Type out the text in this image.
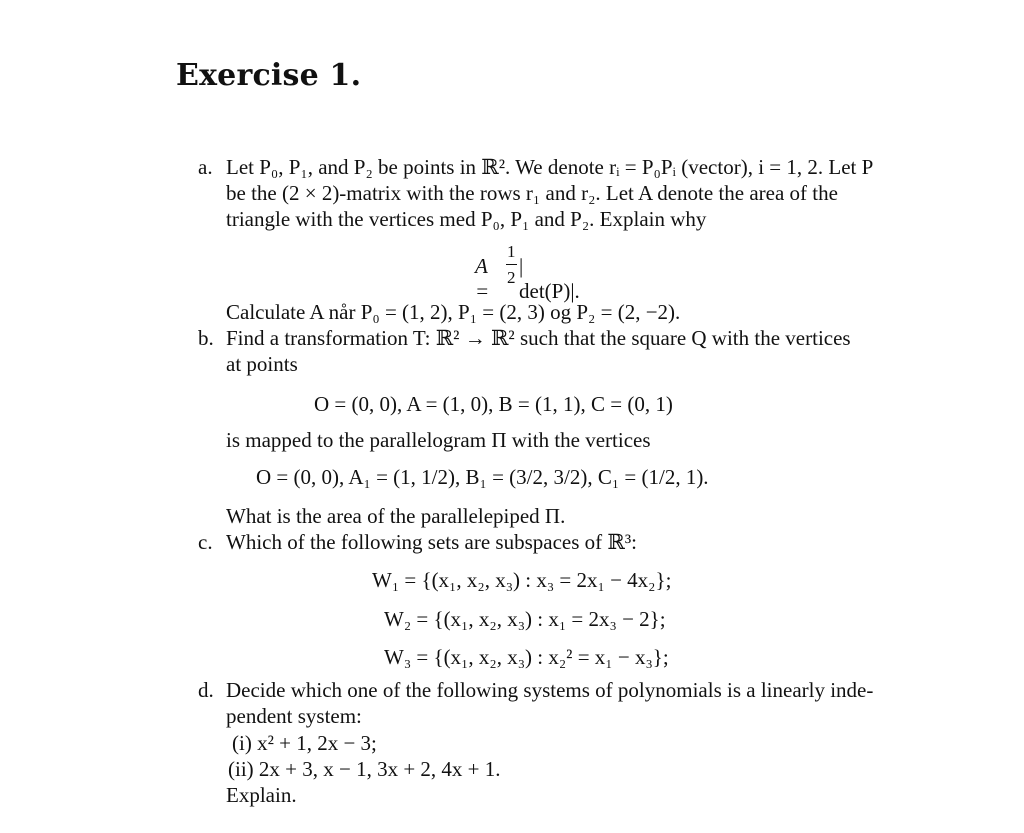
Exercise 1.
a. Let P₀, P₁, and P₂ be points in ℝ². We denote rᵢ = P₀Pᵢ (vector), i = 1, 2. Let P
be the (2 × 2)-matrix with the rows r₁ and r₂. Let A denote the area of the
triangle with the vertices med P₀, P₁ and P₂. Explain why
A =
1
2 | det(P)|.
Calculate A når P₀ = (1, 2), P₁ = (2, 3) og P₂ = (2, −2).
b. Find a transformation T: ℝ² → ℝ² such that the square Q with the vertices
at points
O = (0, 0), A = (1, 0), B = (1, 1), C = (0, 1)
is mapped to the parallelogram Π with the vertices
O = (0, 0), A₁ = (1, 1/2), B₁ = (3/2, 3/2), C₁ = (1/2, 1).
What is the area of the parallelepiped Π.
c. Which of the following sets are subspaces of ℝ³:
W₁ = {(x₁, x₂, x₃) : x₃ = 2x₁ − 4x₂};
W₂ = {(x₁, x₂, x₃) : x₁ = 2x₃ − 2};
W₃ = {(x₁, x₂, x₃) : x₂² = x₁ − x₃};
d. Decide which one of the following systems of polynomials is a linearly inde-
pendent system:
(i) x² + 1, 2x − 3;
(ii) 2x + 3, x − 1, 3x + 2, 4x + 1.
Explain.
